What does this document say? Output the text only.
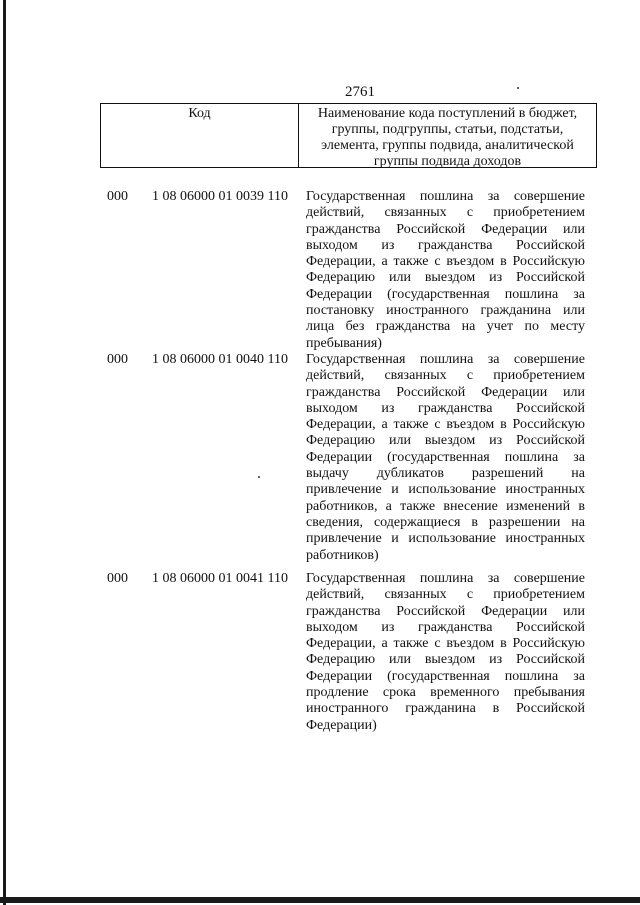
2761
Код	Наименование кода поступлений в бюджет, группы, подгруппы, статьи, подстатьи, элемента, группы подвида, аналитической группы подвида доходов
000	1 08 06000 01 0039 110	Государственная пошлина за совершение действий, связанных с приобретением гражданства Российской Федерации или выходом из гражданства Российской Федерации, а также с въездом в Российскую Федерацию или выездом из Российской Федерации (государственная пошлина за постановку иностранного гражданина или лица без гражданства на учет по месту пребывания)
000	1 08 06000 01 0040 110	Государственная пошлина за совершение действий, связанных с приобретением гражданства Российской Федерации или выходом из гражданства Российской Федерации, а также с въездом в Российскую Федерацию или выездом из Российской Федерации (государственная пошлина за выдачу дубликатов разрешений на привлечение и использование иностранных работников, а также внесение изменений в сведения, содержащиеся в разрешении на привлечение и использование иностранных работников)
000	1 08 06000 01 0041 110	Государственная пошлина за совершение действий, связанных с приобретением гражданства Российской Федерации или выходом из гражданства Российской Федерации, а также с въездом в Российскую Федерацию или выездом из Российской Федерации (государственная пошлина за продление срока временного пребывания иностранного гражданина в Российской Федерации)
